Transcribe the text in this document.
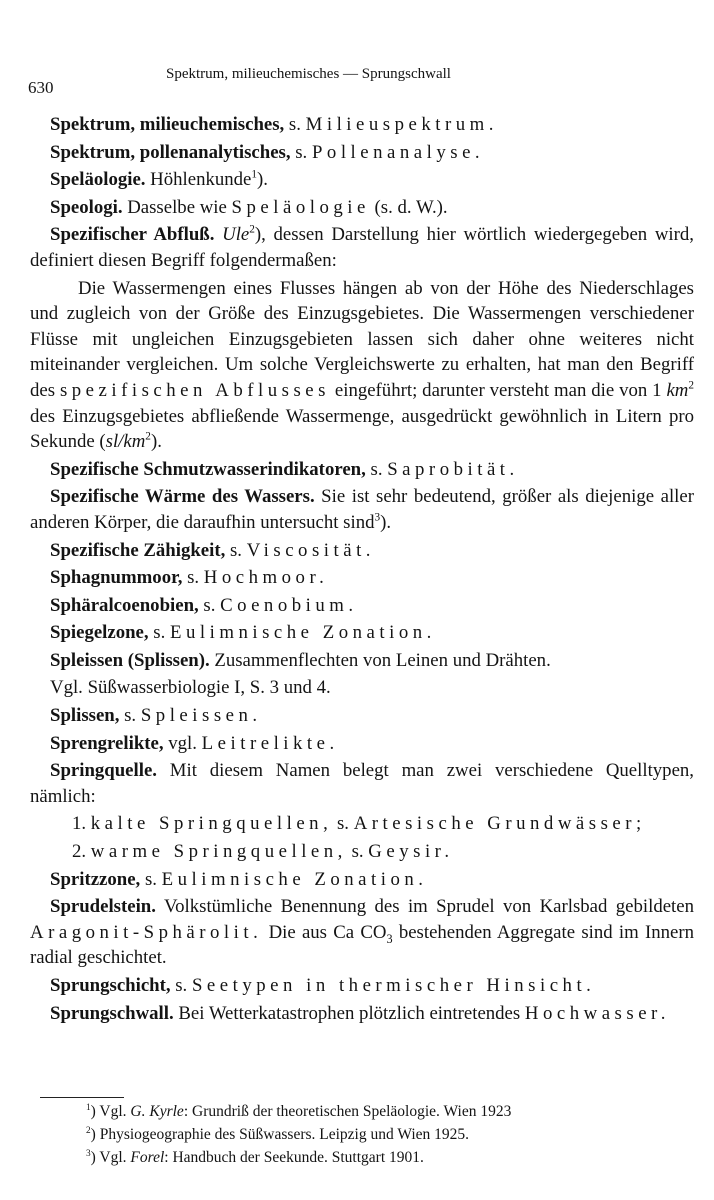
630
Spektrum, milieuchemisches — Sprungschwall
Spektrum, milieuchemisches, s. Milieuspektrum.
Spektrum, pollenanalytisches, s. Pollenanalyse.
Speläologie. Höhlenkunde$^1$).
Speologi. Dasselbe wie Speläologie (s. d. W.).
Spezifischer Abfluß. Ule$^2$), dessen Darstellung hier wörtlich wiedergegeben wird, definiert diesen Begriff folgendermaßen:
Die Wassermengen eines Flusses hängen ab von der Höhe des Niederschlages und zugleich von der Größe des Einzugsgebietes. Die Wassermengen verschiedener Flüsse mit ungleichen Einzugsgebieten lassen sich daher ohne weiteres nicht miteinander vergleichen. Um solche Vergleichswerte zu erhalten, hat man den Begriff des spezifischen Abflusses eingeführt; darunter versteht man die von 1 $km^2$ des Einzugsgebietes abfließende Wassermenge, ausgedrückt gewöhnlich in Litern pro Sekunde $(sl/km^2)$.
Spezifische Schmutzwasserindikatoren, s. Saprobität.
Spezifische Wärme des Wassers. Sie ist sehr bedeutend, größer als diejenige aller anderen Körper, die daraufhin untersucht sind$^3$).
Spezifische Zähigkeit, s. Viscosität.
Sphagnummoor, s. Hochmoor.
Sphäralcoenobien, s. Coenobium.
Spiegelzone, s. Eulimnische Zonation.
Spleissen (Splissen). Zusammenflechten von Leinen und Drähten.
Vgl. Süßwasserbiologie I, S. 3 und 4.
Splissen, s. Spleissen.
Sprengrelikte, vgl. Leitrelikte.
Springquelle. Mit diesem Namen belegt man zwei verschiedene Quelltypen, nämlich:
1. kalte Springquellen, s. Artesische Grundwässer;
2. warme Springquellen, s. Geysir.
Spritzzone, s. Eulimnische Zonation.
Sprudelstein. Volkstümliche Benennung des im Sprudel von Karlsbad gebildeten Aragonit-Sphärolit. Die aus Ca $CO_3$ bestehenden Aggregate sind im Innern radial geschichtet.
Sprungschicht, s. Seetypen in thermischer Hinsicht.
Sprungschwall. Bei Wetterkatastrophen plötzlich eintretendes Hochwasser.
$^1$) Vgl. G. Kyrle: Grundriß der theoretischen Speläologie. Wien 1923
$^2$) Physiogeographie des Süßwassers. Leipzig und Wien 1925.
$^3$) Vgl. Forel: Handbuch der Seekunde. Stuttgart 1901.
